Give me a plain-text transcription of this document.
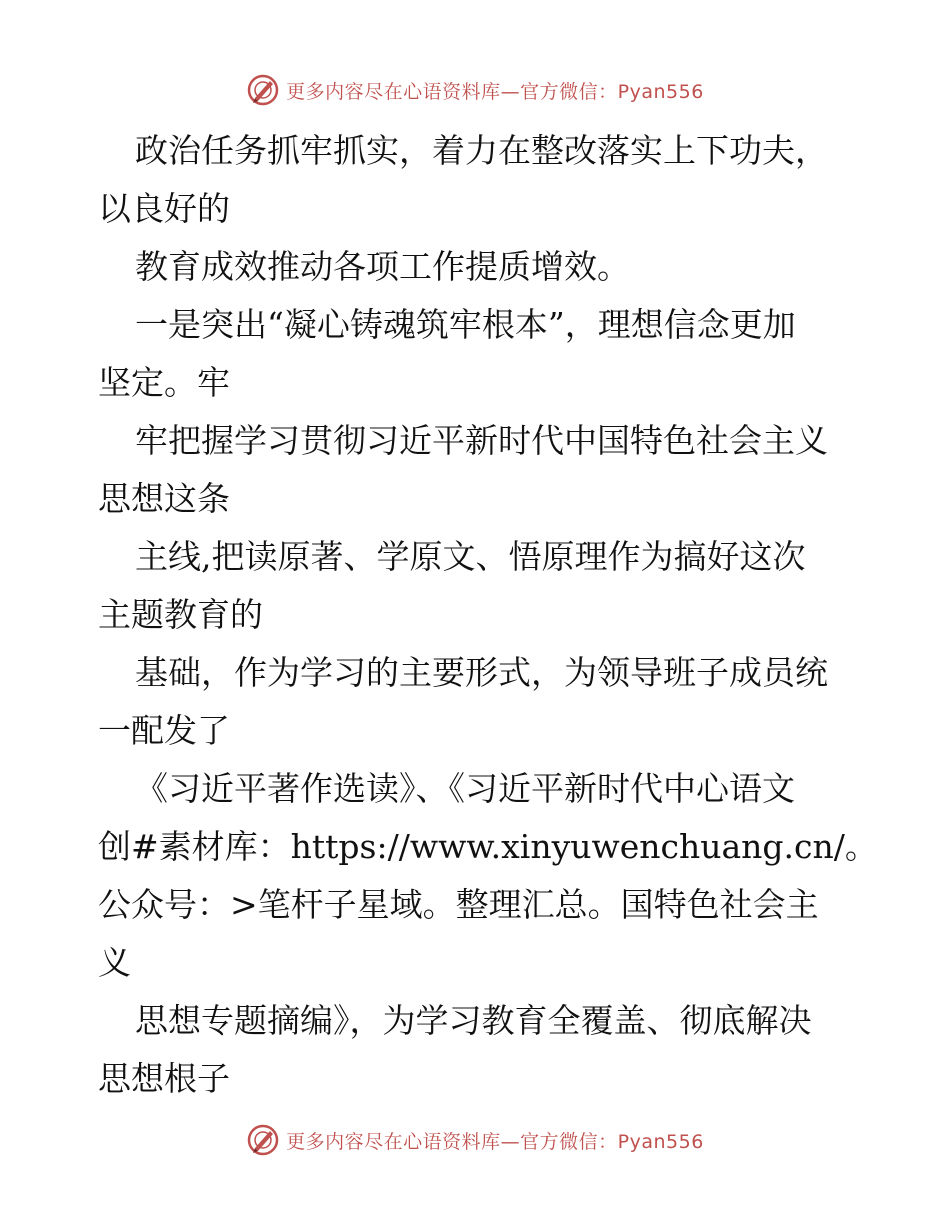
更多内容尽在心语资料库—官方微信：Pyan556
政治任务抓牢抓实，着力在整改落实上下功夫，
以良好的
教育成效推动各项工作提质增效。
一是突出“凝心铸魂筑牢根本”，理想信念更加
坚定。牢
牢把握学习贯彻习近平新时代中国特色社会主义
思想这条
主线,把读原著、学原文、悟原理作为搞好这次
主题教育的
基础，作为学习的主要形式，为领导班子成员统
一配发了
《习近平著作选读》、《习近平新时代中心语文
创#素材库：https://www.xinyuwenchuang.cn/。
公众号：>笔杆子星域。整理汇总。国特色社会主
义
思想专题摘编》，为学习教育全覆盖、彻底解决
思想根子
更多内容尽在心语资料库—官方微信：Pyan556
